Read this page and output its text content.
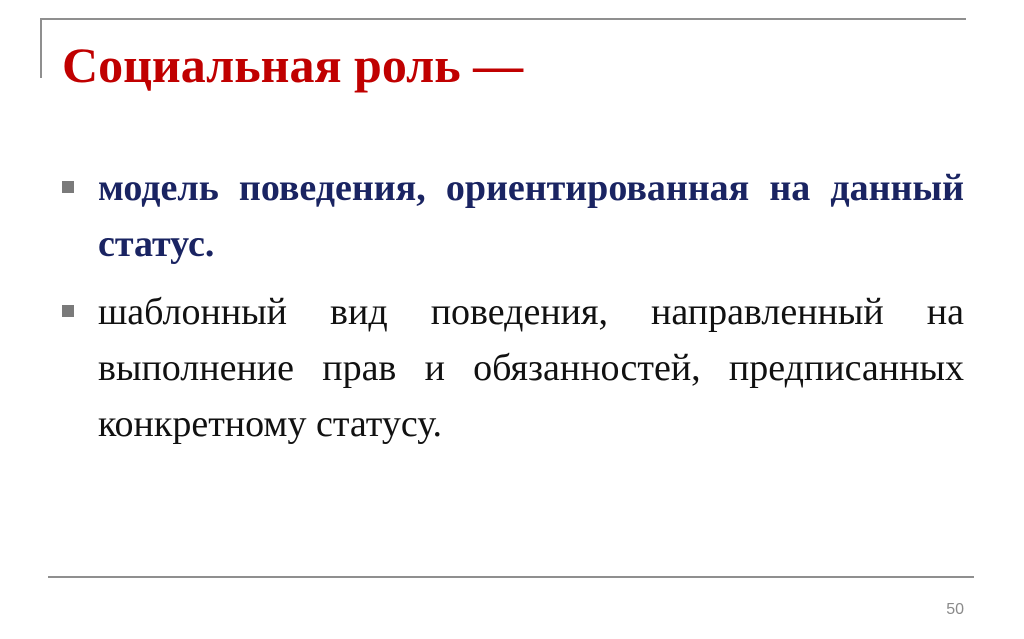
Социальная роль —
модель поведения, ориентированная на данный статус.
шаблонный вид поведения, направленный на выполнение прав и обязанностей, предписанных конкретному статусу.
50
